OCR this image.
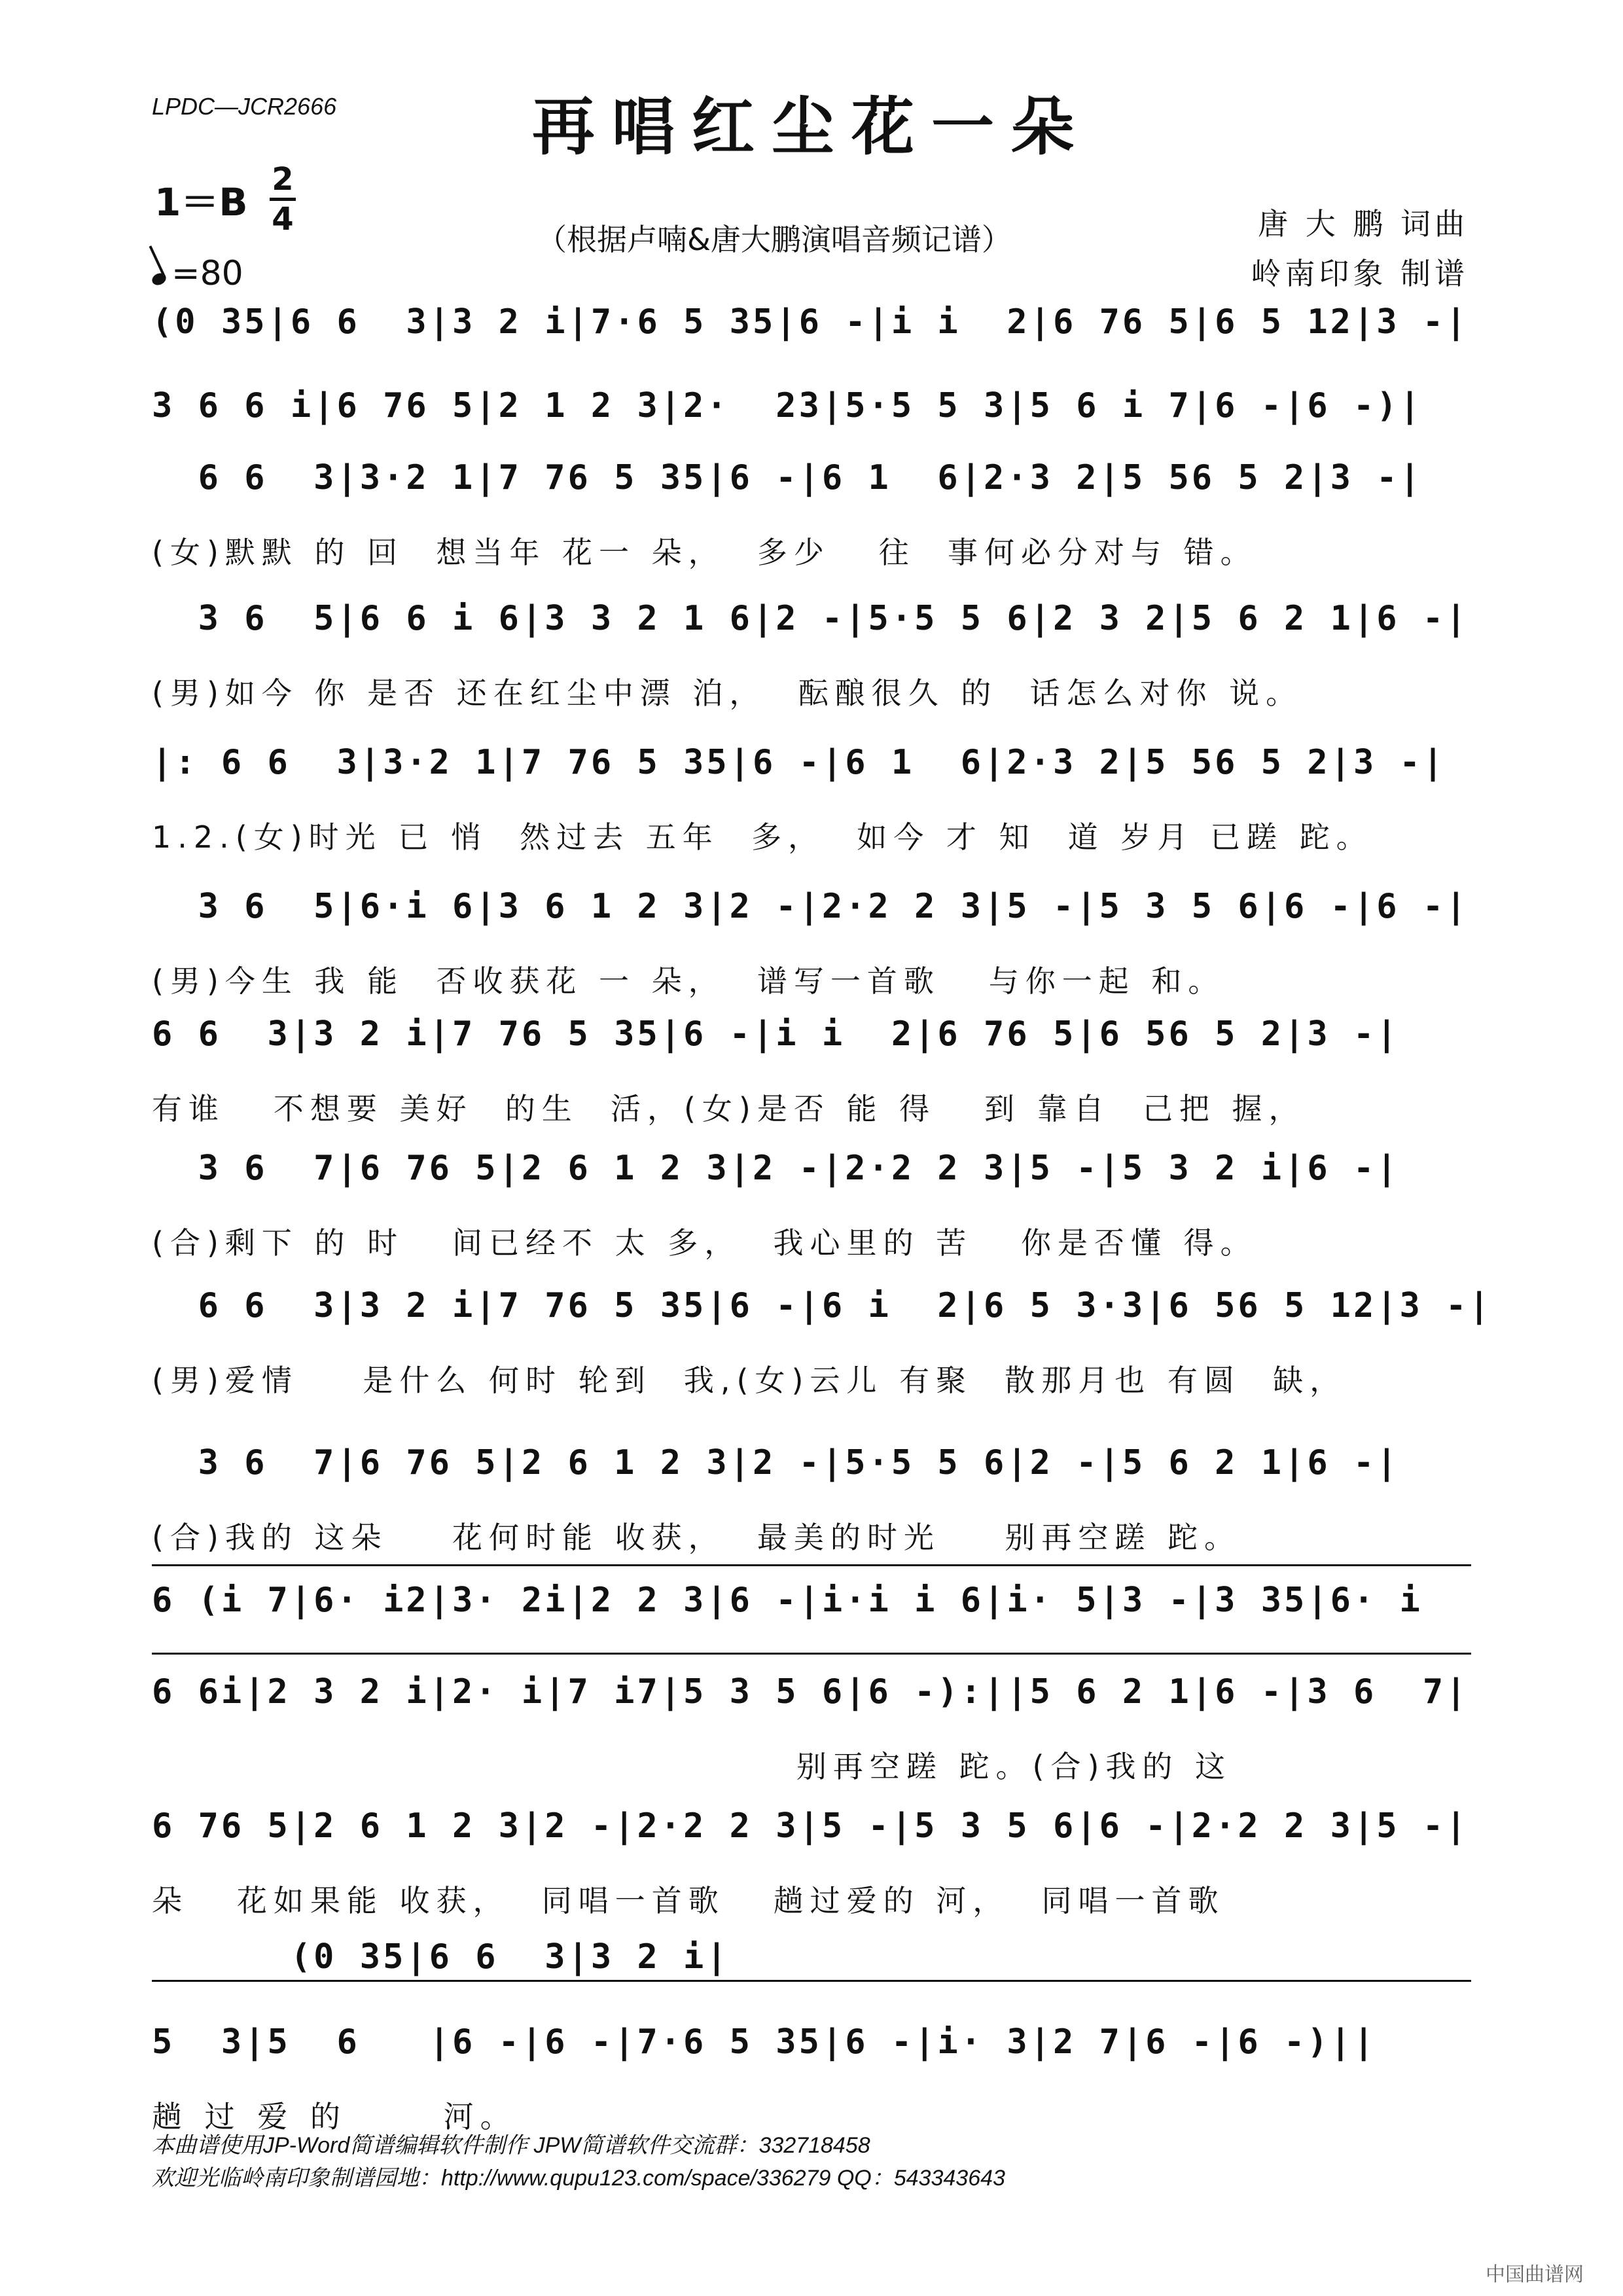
LPDC—JCR2666	再唱红尘花一朵
1＝B
2
4
=80
（根据卢喃&唐大鹏演唱音频记谱）	唐 大 鹏 词曲
岭南印象 制谱
(0 35|6 6  3|3 2 i|7·6 5 35|6 -|i i  2|6 76 5|6 5 12|3 -|
3 6 6 i|6 76 5|2 1 2 3|2·  23|5·5 5 3|5 6 i 7|6 -|6 -)|
6 6  3|3·2 1|7 76 5 35|6 -|6 1  6|2·3 2|5 56 5 2|3 -|
(女)默默 的 回  想当年 花一 朵，  多少   往  事何必分对与 错。
3 6  5|6 6 i 6|3 3 2 1 6|2 -|5·5 5 6|2 3 2|5 6 2 1|6 -|
(男)如今 你 是否 还在红尘中漂 泊，  酝酿很久 的  话怎么对你 说。
|: 6 6  3|3·2 1|7 76 5 35|6 -|6 1  6|2·3 2|5 56 5 2|3 -|
1.2.(女)时光 已 悄  然过去 五年  多，  如今 才 知  道 岁月 已蹉 跎。
3 6  5|6·i 6|3 6 1 2 3|2 -|2·2 2 3|5 -|5 3 5 6|6 -|6 -|
(男)今生 我 能  否收获花 一 朵，  谱写一首歌   与你一起 和。
6 6  3|3 2 i|7 76 5 35|6 -|i i  2|6 76 5|6 56 5 2|3 -|
有谁   不想要 美好  的生  活，(女)是否 能 得   到 靠自  己把 握，
3 6  7|6 76 5|2 6 1 2 3|2 -|2·2 2 3|5 -|5 3 2 i|6 -|
(合)剩下 的 时   间已经不 太 多，  我心里的 苦   你是否懂 得。
6 6  3|3 2 i|7 76 5 35|6 -|6 i  2|6 5 3·3|6 56 5 12|3 -|
(男)爱情    是什么 何时 轮到  我,(女)云儿 有聚  散那月也 有圆  缺，
3 6  7|6 76 5|2 6 1 2 3|2 -|5·5 5 6|2 -|5 6 2 1|6 -|
(合)我的 这朵    花何时能 收获，  最美的时光    别再空蹉 跎。
6 (i 7|6· i2|3· 2i|2 2 3|6 -|i·i i 6|i· 5|3 -|3 35|6· i
6 6i|2 3 2 i|2· i|7 i7|5 3 5 6|6 -):||5 6 2 1|6 -|3 6  7|
别再空蹉 跎。(合)我的 这
6 76 5|2 6 1 2 3|2 -|2·2 2 3|5 -|5 3 5 6|6 -|2·2 2 3|5 -|
朵   花如果能 收获，  同唱一首歌   趟过爱的 河，  同唱一首歌
(0 35|6 6  3|3 2 i|
5  3|5  6   |6 -|6 -|7·6 5 35|6 -|i· 3|2 7|6 -|6 -)||
趟 过 爱 的      河。
本曲谱使用JP-Word简谱编辑软件制作 JPW简谱软件交流群：332718458
欢迎光临岭南印象制谱园地：http://www.qupu123.com/space/336279 QQ：543343643
中国曲谱网
